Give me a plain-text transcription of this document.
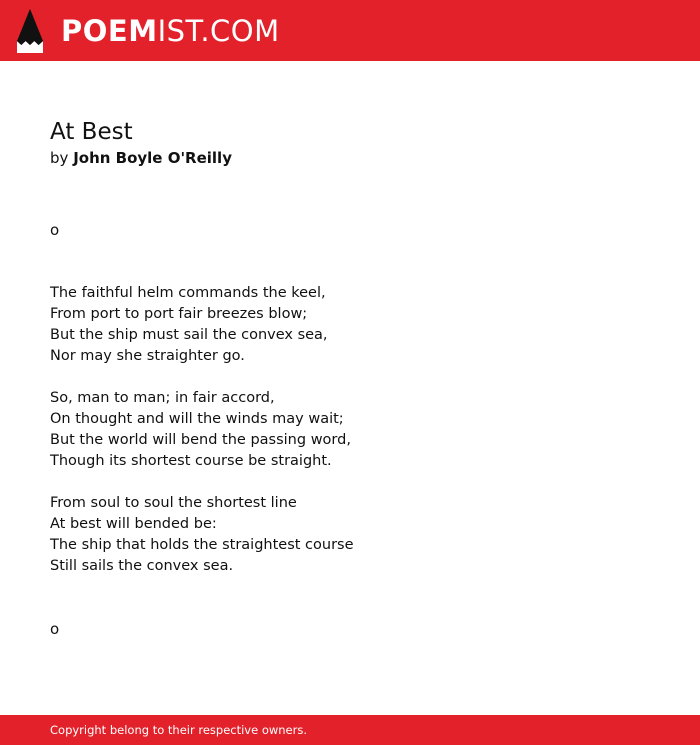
POEM IST.COM
At Best
by John Boyle O'Reilly
o
The faithful helm commands the keel,
From port to port fair breezes blow;
But the ship must sail the convex sea,
Nor may she straighter go.
So, man to man; in fair accord,
On thought and will the winds may wait;
But the world will bend the passing word,
Though its shortest course be straight.
From soul to soul the shortest line
At best will bended be:
The ship that holds the straightest course
Still sails the convex sea.
o
Copyright belong to their respective owners.
